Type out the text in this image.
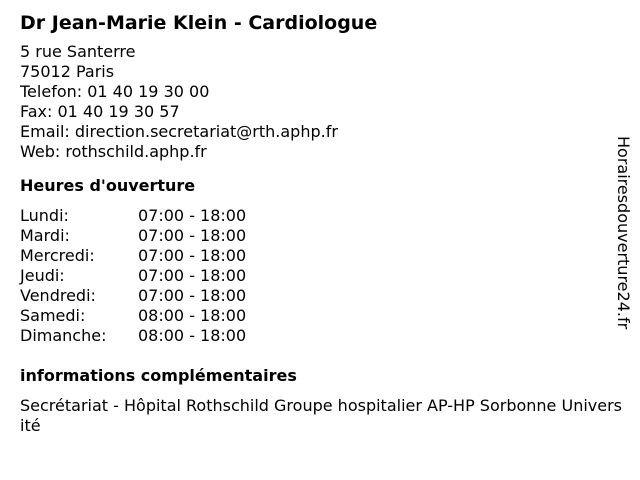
Dr Jean-Marie Klein - Cardiologue
5 rue Santerre
75012 Paris
Telefon: 01 40 19 30 00
Fax: 01 40 19 30 57
Email: direction.secretariat@rth.aphp.fr
Web: rothschild.aphp.fr
Heures d'ouverture
Lundi:	07:00 - 18:00
Mardi:	07:00 - 18:00
Mercredi:	07:00 - 18:00
Jeudi:	07:00 - 18:00
Vendredi:	07:00 - 18:00
Samedi:	08:00 - 18:00
Dimanche:	08:00 - 18:00
informations complémentaires
Secrétariat - Hôpital Rothschild Groupe hospitalier AP-HP Sorbonne Université
Horairesdouverture24.fr
